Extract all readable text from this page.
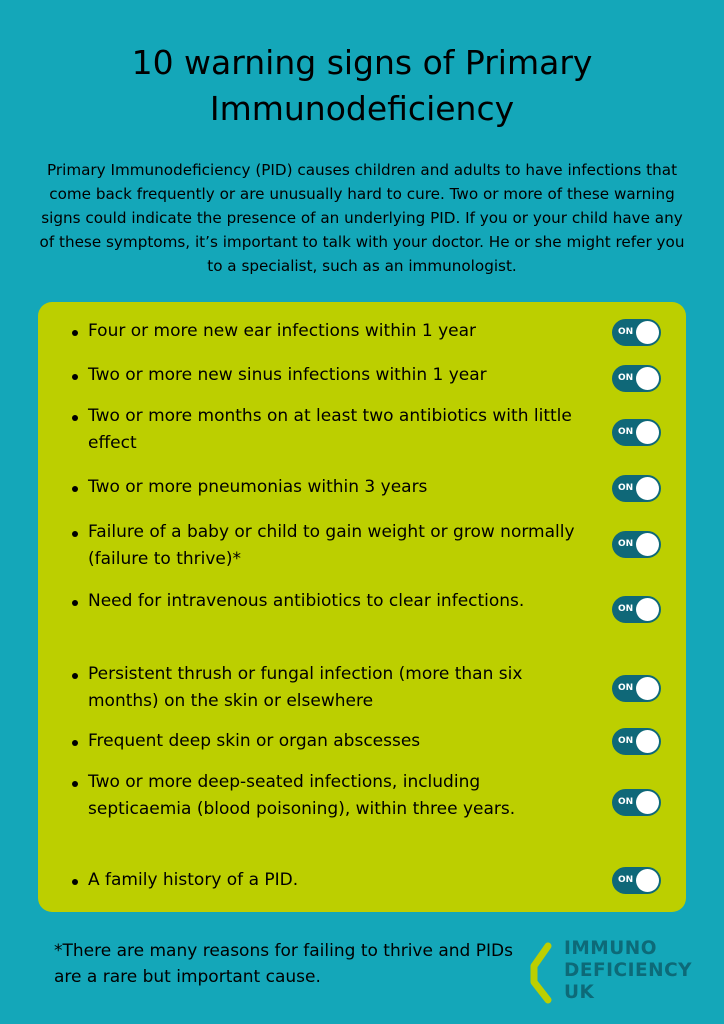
10 warning signs of Primary Immunodeficiency

Primary Immunodeficiency (PID) causes children and adults to have infections that come back frequently or are unusually hard to cure. Two or more of these warning signs could indicate the presence of an underlying PID. If you or your child have any of these symptoms, it’s important to talk with your doctor. He or she might refer you to a specialist, such as an immunologist.

Four or more new ear infections within 1 year	ON

Two or more new sinus infections within 1 year	ON

Two or more months on at least two antibiotics with little effect

ON

Two or more pneumonias within 3 years	ON

Failure of a baby or child to gain weight or grow normally (failure to thrive)*

ON

Need for intravenous antibiotics to clear infections.	ON

Persistent thrush or fungal infection (more than six months) on the skin or elsewhere

ON

Frequent deep skin or organ abscesses	ON

Two or more deep-seated infections, including septicaemia (blood poisoning), within three years.	ON

A family history of a PID.	ON

*There are many reasons for failing to thrive and PIDs are a rare but important cause.

IMMUNO
DEFICIENCY
UK
